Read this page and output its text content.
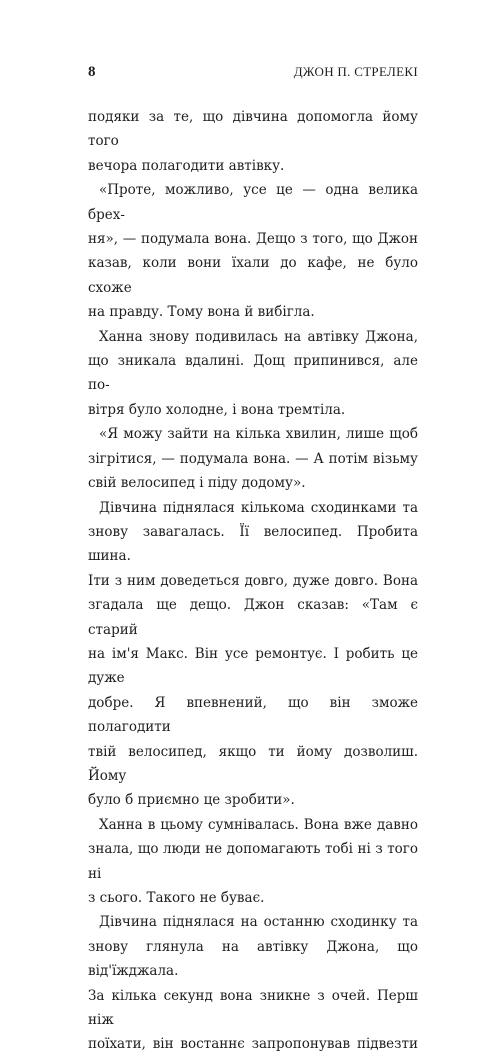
8	ДЖОН П. СТРЕЛЕКІ
подяки за те, що дівчина допомогла йому того
вечора полагодити автівку.
«Проте, можливо, усе це — одна велика брех-
ня», — подумала вона. Дещо з того, що Джон
казав, коли вони їхали до кафе, не було схоже
на правду. Тому вона й вибігла.
Ханна знову подивилась на автівку Джона,
що зникала вдалині. Дощ припинився, але по-
вітря було холодне, і вона тремтіла.
«Я можу зайти на кілька хвилин, лише щоб
зігрітися, — подумала вона. — А потім візьму
свій велосипед і піду додому».
Дівчина піднялася кількома сходинками та
знову завагалась. Її велосипед. Пробита шина.
Іти з ним доведеться довго, дуже довго. Вона
згадала ще дещо. Джон сказав: «Там є старий
на ім'я Макс. Він усе ремонтує. І робить це дуже
добре. Я впевнений, що він зможе полагодити
твій велосипед, якщо ти йому дозволиш. Йому
було б приємно це зробити».
Ханна в цьому сумнівалась. Вона вже давно
знала, що люди не допомагають тобі ні з того ні
з сього. Такого не буває.
Дівчина піднялася на останню сходинку та
знову глянула на автівку Джона, що від'їжджала.
За кілька секунд вона зникне з очей. Перш ніж
поїхати, він востаннє запропонував підвезти
